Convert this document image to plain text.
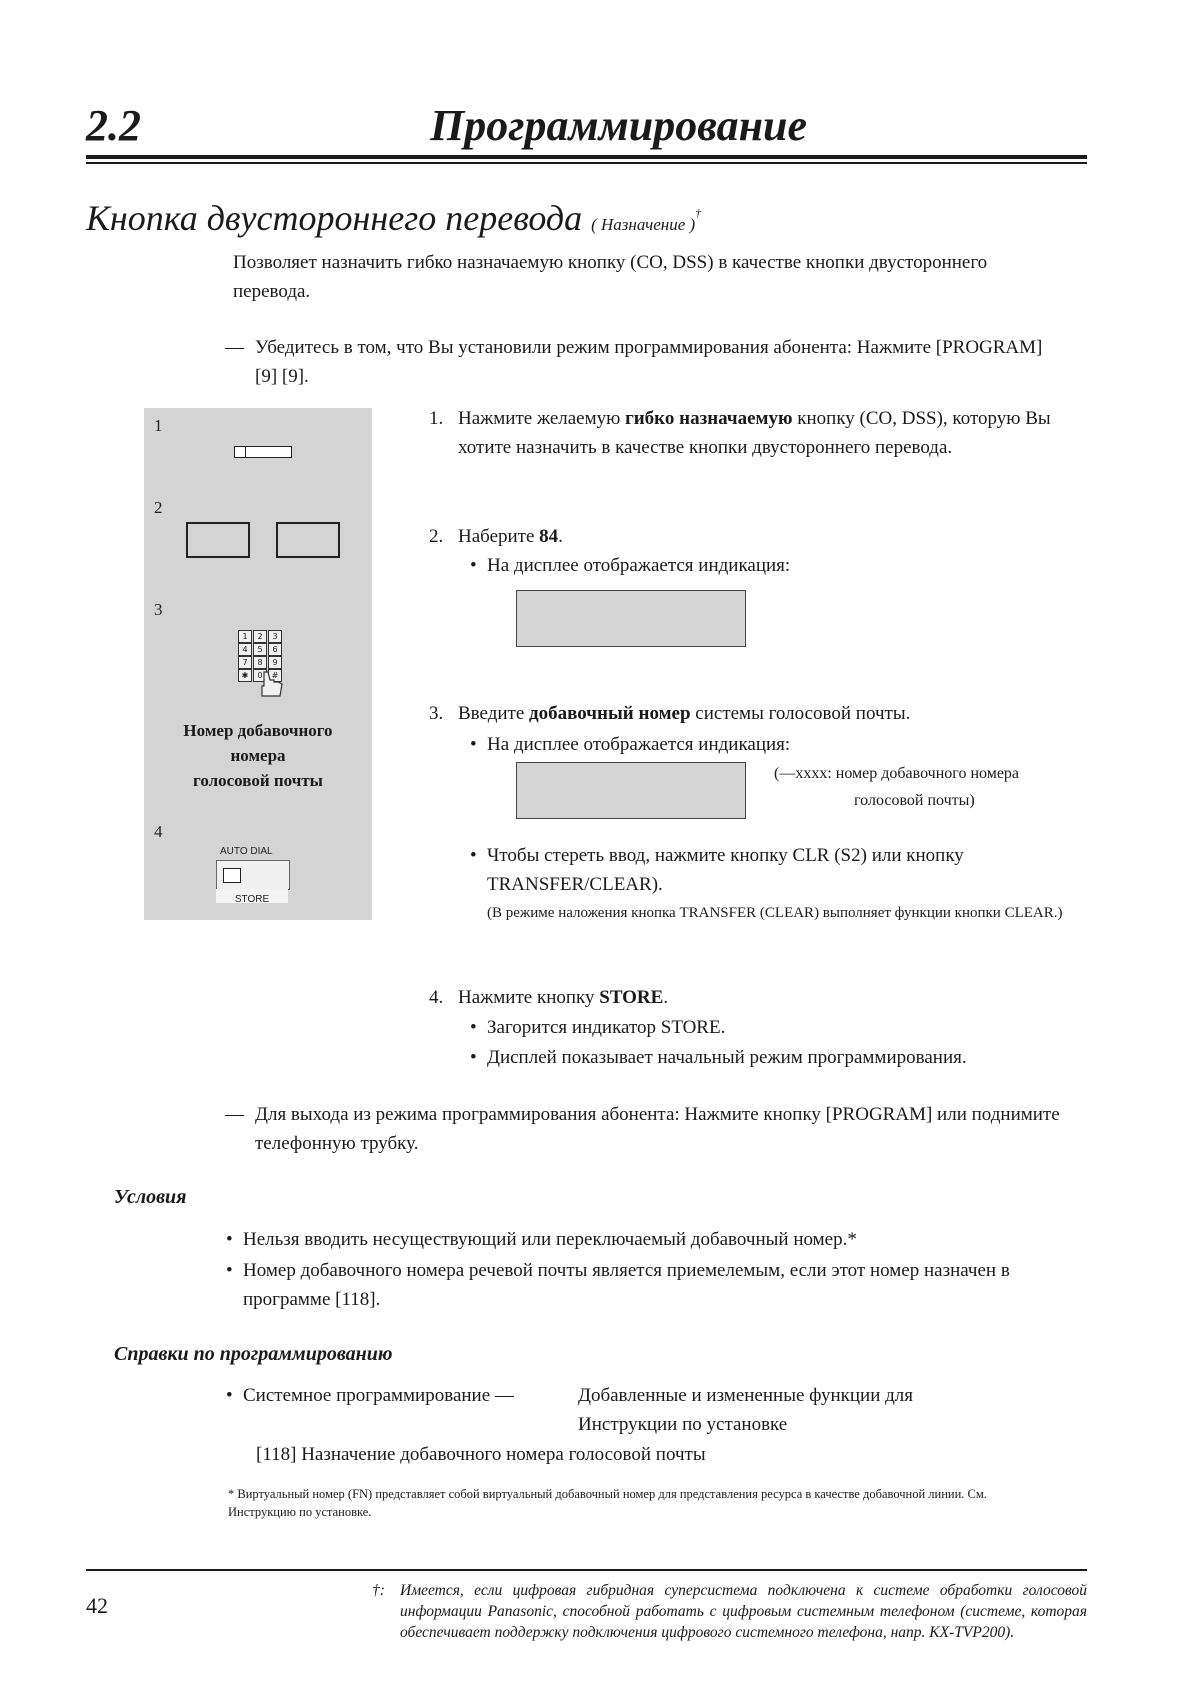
2.2	Программирование
Кнопка двустороннего перевода ( Назначение )†
Позволяет назначить гибко назначаемую кнопку (CO, DSS) в качестве кнопки двустороннего перевода.
— Убедитесь в том, что Вы установили режим программирования абонента: Нажмите [PROGRAM] [9] [9].
1
2
3
1	2	3
4	5	6
7	8	9
✱	0	#
Номер добавочного
номера
голосовой почты
4
AUTO DIAL
STORE
1. Нажмите желаемую гибко назначаемую кнопку (CO, DSS), которую Вы хотите назначить в качестве кнопки двустороннего перевода.
2. Наберите 84.
• На дисплее отображается индикация:
3. Введите добавочный номер системы голосовой почты.
• На дисплее отображается индикация:
(—xxxx: номер добавочного номера
голосовой почты)
• Чтобы стереть ввод, нажмите кнопку CLR (S2) или кнопку TRANSFER/CLEAR).
(В режиме наложения кнопка TRANSFER (CLEAR) выполняет функции кнопки CLEAR.)
4. Нажмите кнопку STORE.
• Загорится индикатор STORE.
• Дисплей показывает начальный режим программирования.
— Для выхода из режима программирования абонента: Нажмите кнопку [PROGRAM] или поднимите телефонную трубку.
Условия
• Нельзя вводить несуществующий или переключаемый добавочный номер.*
• Номер добавочного номера речевой почты является приемелемым, если этот номер назначен в программе [118].
Справки по программированию
• Системное программирование —	Добавленные и измененные функции для
Инструкции по установке
[118] Назначение добавочного номера голосовой почты
* Виртуальный номер (FN) представляет собой виртуальный добавочный номер для представления ресурса в качестве добавочной линии. См. Инструкцию по установке.
42
†: Имеется, если цифровая гибридная суперсистема подключена к системе обработки голосовой информации Panasonic, способной работать с цифровым системным телефоном (системе, которая обеспечивает поддержку подключения цифрового системного телефона, напр. KX-TVP200).
